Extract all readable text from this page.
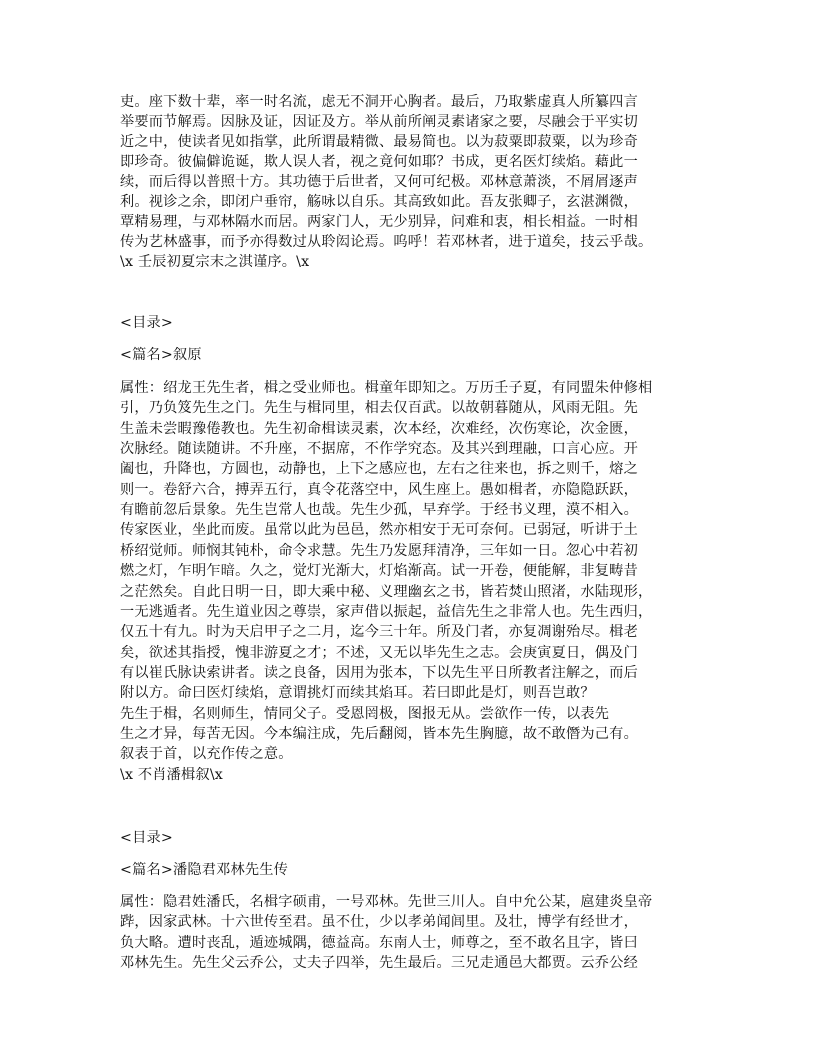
吏。座下数十辈，率一时名流，虑无不洞开心胸者。最后，乃取紫虚真人所纂四言

举要而节解焉。因脉及证，因证及方。举从前所阐灵素诸家之要，尽融会于平实切

近之中，使读者见如指掌，此所谓最精微、最易简也。以为菽粟即菽粟，以为珍奇

即珍奇。彼偏僻诡诞，欺人误人者，视之竟何如耶？书成，更名医灯续焰。藉此一

续，而后得以普照十方。其功德于后世者，又何可纪极。邓林意萧淡，不屑屑逐声

利。视诊之余，即闭户垂帘，觞咏以自乐。其高致如此。吾友张卿子，玄湛渊微，

覃精易理，与邓林隔水而居。两家门人，无少别异，问难和衷，相长相益。一时相

传为艺林盛事，而予亦得数过从聆闳论焉。呜呼！若邓林者，进于道矣，技云乎哉。

\x 壬辰初夏宗末之淇谨序。\x

<目录>

<篇名>叙原

属性：绍龙王先生者，楫之受业师也。楫童年即知之。万历壬子夏，有同盟朱仲修相

引，乃负笈先生之门。先生与楫同里，相去仅百武。以故朝暮随从，风雨无阻。先

生盖未尝暇豫倦教也。先生初命楫读灵素，次本经，次难经，次伤寒论，次金匮，

次脉经。随读随讲。不升座，不据席，不作学究态。及其兴到理融，口言心应。开

阖也，升降也，方圆也，动静也，上下之感应也，左右之往来也，拆之则千，熔之

则一。卷舒六合，搏弄五行，真令花落空中，风生座上。愚如楫者，亦隐隐跃跃，

有瞻前忽后景象。先生岂常人也哉。先生少孤，早弃学。于经书义理，漠不相入。

传家医业，坐此而废。虽常以此为邑邑，然亦相安于无可奈何。已弱冠，听讲于土

桥绍觉师。师悯其钝朴，命令求慧。先生乃发愿拜清净，三年如一日。忽心中若初

燃之灯，乍明乍暗。久之，觉灯光渐大，灯焰渐高。试一开卷，便能解，非复畴昔

之茫然矣。自此日明一日，即大乘中秘、义理幽玄之书，皆若焚山照渚，水陆现形，

一无逃遁者。先生道业因之尊崇，家声借以振起，益信先生之非常人也。先生西归，

仅五十有九。时为天启甲子之二月，迄今三十年。所及门者，亦复凋谢殆尽。楫老

矣，欲述其指授，愧非游夏之才；不述，又无以毕先生之志。会庚寅夏日，偶及门

有以崔氏脉诀索讲者。读之良备，因用为张本，下以先生平日所教者注解之，而后

附以方。命曰医灯续焰，意谓挑灯而续其焰耳。若曰即此是灯，则吾岂敢？

先生于楫，名则师生，情同父子。受恩罔极，图报无从。尝欲作一传，以表先

生之才异，每苦无因。今本编注成，先后翻阅，皆本先生胸臆，故不敢僭为己有。

叙表于首，以充作传之意。

\x 不肖潘楫叙\x

<目录>

<篇名>潘隐君邓林先生传

属性：隐君姓潘氏，名楫字硕甫，一号邓林。先世三川人。自中允公某，扈建炎皇帝

跸，因家武林。十六世传至君。虽不仕，少以孝弟闻闾里。及壮，博学有经世才，

负大略。遭时丧乱，遁迹城隅，德益高。东南人士，师尊之，至不敢名且字，皆曰

邓林先生。先生父云乔公，丈夫子四举，先生最后。三兄走通邑大都贾。云乔公经
